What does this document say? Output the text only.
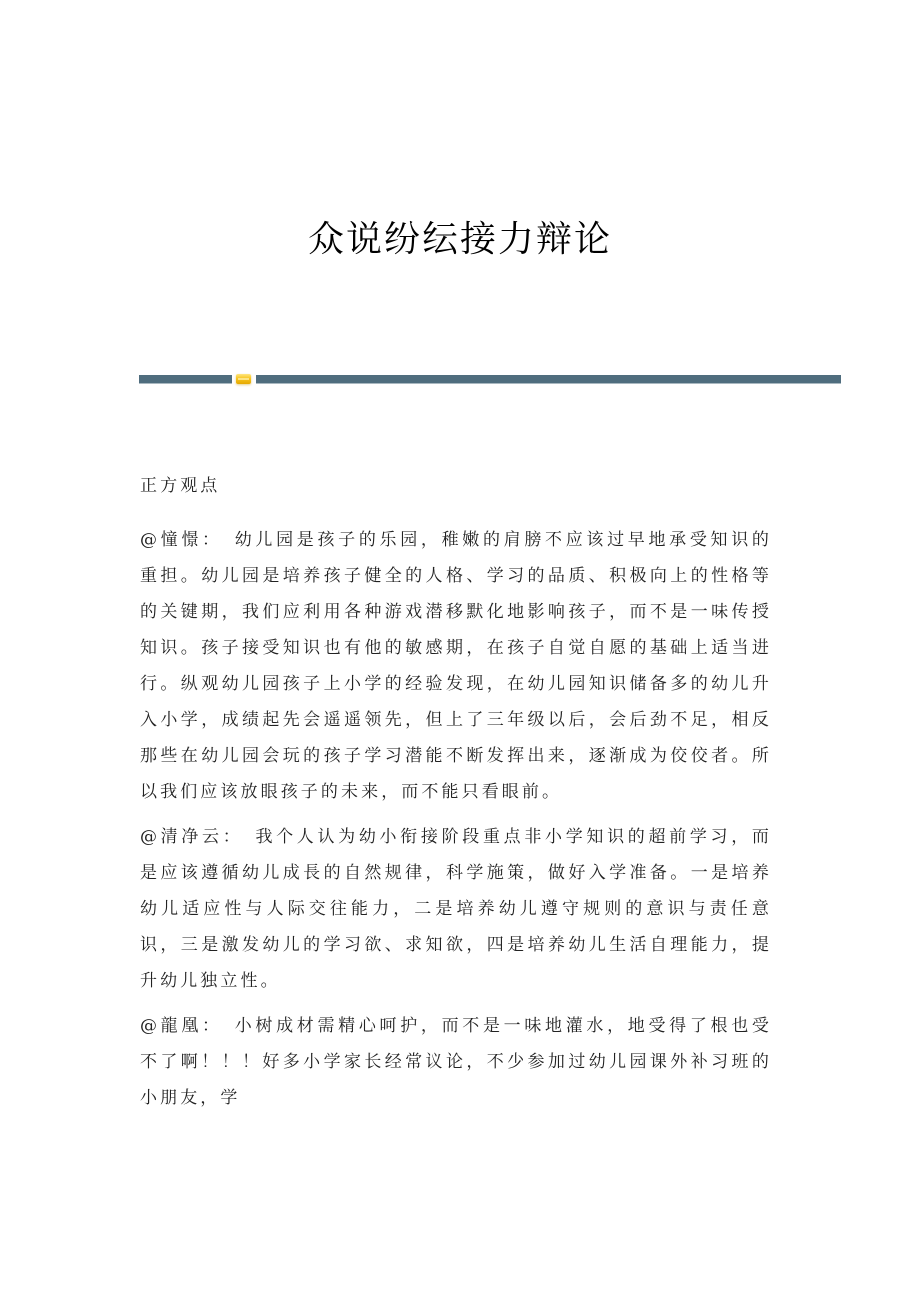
众说纷纭接力辩论

正方观点

@憧憬： 幼儿园是孩子的乐园，稚嫩的肩膀不应该过早地承受知识的重担。幼儿园是培养孩子健全的人格、学习的品质、积极向上的性格等的关键期，我们应利用各种游戏潜移默化地影响孩子，而不是一味传授知识。孩子接受知识也有他的敏感期，在孩子自觉自愿的基础上适当进行。纵观幼儿园孩子上小学的经验发现，在幼儿园知识储备多的幼儿升入小学，成绩起先会遥遥领先，但上了三年级以后，会后劲不足，相反那些在幼儿园会玩的孩子学习潜能不断发挥出来，逐渐成为佼佼者。所以我们应该放眼孩子的未来，而不能只看眼前。

@清净云： 我个人认为幼小衔接阶段重点非小学知识的超前学习，而是应该遵循幼儿成長的自然规律，科学施策，做好入学准备。一是培养幼儿适应性与人际交往能力，二是培养幼儿遵守规则的意识与责任意识，三是激发幼儿的学习欲、求知欲，四是培养幼儿生活自理能力，提升幼儿独立性。

@龍凰： 小树成材需精心呵护，而不是一味地灌水，地受得了根也受不了啊！！！好多小学家长经常议论，不少参加过幼儿园课外补习班的小朋友，学
